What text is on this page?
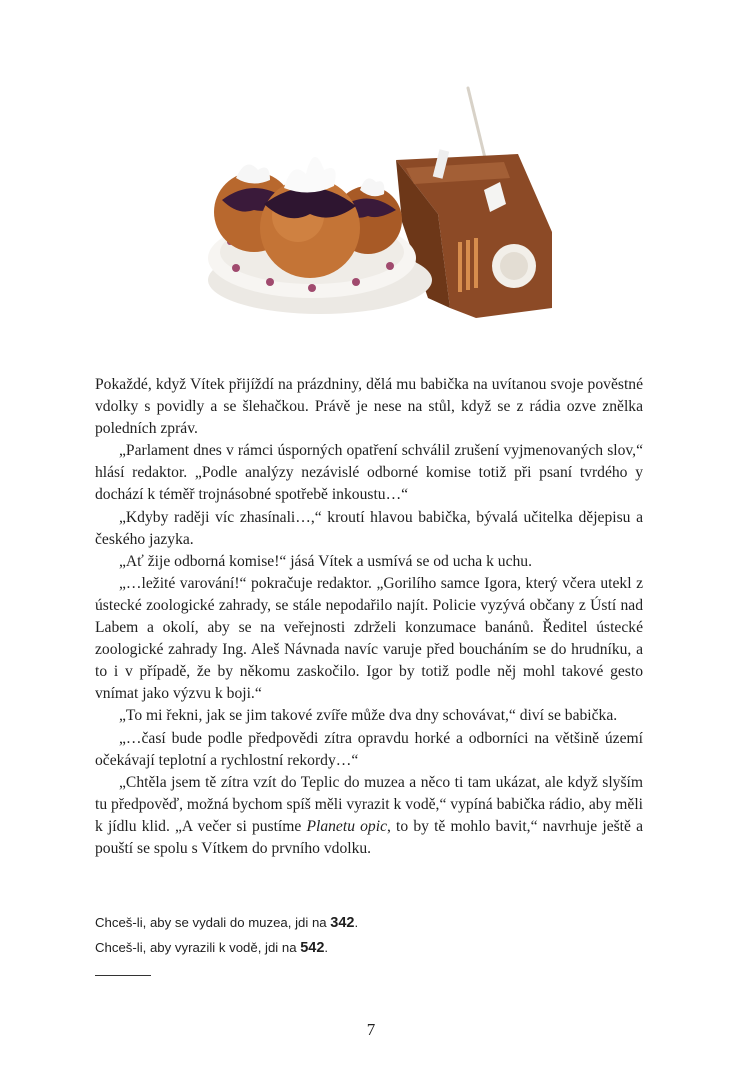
Pokaždé, když Vítek přijíždí na prázdniny, dělá mu babička na uvítanou svoje pověstné vdolky s povidly a se šlehačkou. Právě je nese na stůl, když se z rádia ozve znělka poledních zpráv.

„Parlament dnes v rámci úsporných opatření schválil zrušení vyjmenovaných slov,“ hlásí redaktor. „Podle analýzy nezávislé odborné komise totiž při psaní tvrdého y dochází k téměř trojnásobné spotřebě inkoustu…“

„Kdyby raději víc zhasínali…,“ kroutí hlavou babička, bývalá učitelka dějepisu a českého jazyka.

„Ať žije odborná komise!“ jásá Vítek a usmívá se od ucha k uchu.

„…ležité varování!“ pokračuje redaktor. „Gorilího samce Igora, který včera utekl z ústecké zoologické zahrady, se stále nepodařilo najít. Policie vyzývá občany z Ústí nad Labem a okolí, aby se na veřejnosti zdrželi konzumace banánů. Ředitel ústecké zoologické zahrady Ing. Aleš Návnada navíc varuje před boucháním se do hrudníku, a to i v případě, že by někomu zaskočilo. Igor by totiž podle něj mohl takové gesto vnímat jako výzvu k boji.“

„To mi řekni, jak se jim takové zvíře může dva dny schovávat,“ diví se babička.

„…časí bude podle předpovědi zítra opravdu horké a odborníci na většině území očekávají teplotní a rychlostní rekordy…“

„Chtěla jsem tě zítra vzít do Teplic do muzea a něco ti tam ukázat, ale když slyším tu předpověď, možná bychom spíš měli vyrazit k vodě,“ vypíná babička rádio, aby měli k jídlu klid. „A večer si pustíme Planetu opic, to by tě mohlo bavit,“ navrhuje ještě a pouští se spolu s Vítkem do prvního vdolku.

Chceš-li, aby se vydali do muzea, jdi na 342.
Chceš-li, aby vyrazili k vodě, jdi na 542.
7
